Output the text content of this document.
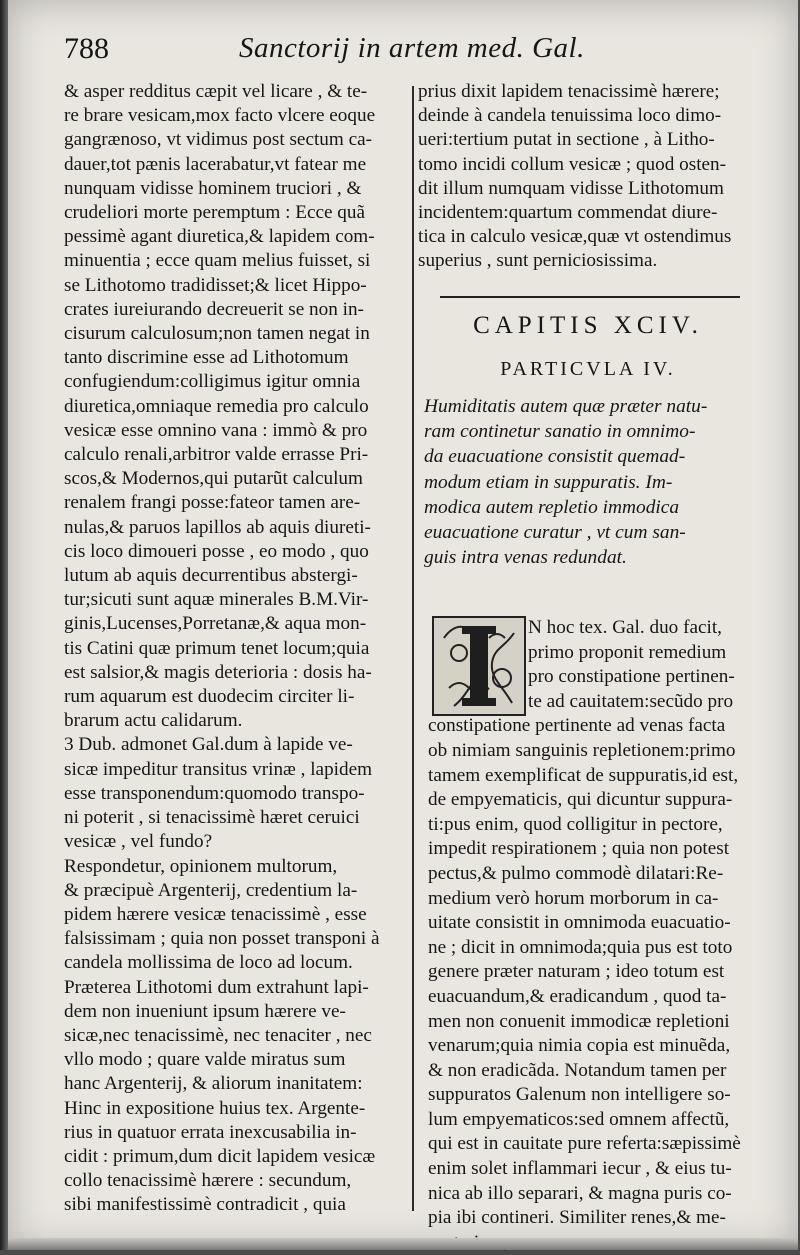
788	Sanctorij in artem med. Gal.
& asper redditus cæpit vel licare , & te-
re brare vesicam,mox facto vlcere eoque
gangrænoso, vt vidimus post sectum ca-
dauer,tot pænis lacerabatur,vt fatear me
nunquam vidisse hominem truciori , &
crudeliori morte peremptum : Ecce quã
pessimè agant diuretica,& lapidem com-
minuentia ; ecce quam melius fuisset, si
se Lithotomo tradidisset;& licet Hippo-
crates iureiurando decreuerit se non in-
cisurum calculosum;non tamen negat in
tanto discrimine esse ad Lithotomum
confugiendum:colligimus igitur omnia
diuretica,omniaque remedia pro calculo
vesicæ esse omnino vana : immò & pro
calculo renali,arbitror valde errasse Pri-
scos,& Modernos,qui putarũt calculum
renalem frangi posse:fateor tamen are-
nulas,& paruos lapillos ab aquis diureti-
cis loco dimoueri posse , eo modo , quo
lutum ab aquis decurrentibus abstergi-
tur;sicuti sunt aquæ minerales B.M.Vir-
ginis,Lucenses,Porretanæ,& aqua mon-
tis Catini quæ primum tenet locum;quia
est salsior,& magis deterioria : dosis ha-
rum aquarum est duodecim circiter li-
brarum actu calidarum.
3 Dub. admonet Gal.dum à lapide ve-
sicæ impeditur transitus vrinæ , lapidem
esse transponendum:quomodo transpo-
ni poterit , si tenacissimè hæret ceruici
vesicæ , vel fundo?
Respondetur, opinionem multorum,
& præcipuè Argenterij, credentium la-
pidem hærere vesicæ tenacissimè , esse
falsissimam ; quia non posset transponi à
candela mollissima de loco ad locum.
Præterea Lithotomi dum extrahunt lapi-
dem non inueniunt ipsum hærere ve-
sicæ,nec tenacissimè, nec tenaciter , nec
vllo modo ; quare valde miratus sum
hanc Argenterij, & aliorum inanitatem:
Hinc in expositione huius tex. Argente-
rius in quatuor errata inexcusabilia in-
cidit : primum,dum dicit lapidem vesicæ
collo tenacissimè hærere : secundum,
sibi manifestissimè contradicit , quia
prius dixit lapidem tenacissimè hærere;
deinde à candela tenuissima loco dimo-
ueri:tertium putat in sectione , à Litho-
tomo incidi collum vesicæ ; quod osten-
dit illum numquam vidisse Lithotomum
incidentem:quartum commendat diure-
tica in calculo vesicæ,quæ vt ostendimus
superius , sunt perniciosissima.
CAPITIS XCIV.
PARTICVLA IV.
Humiditatis autem quæ præter natu-
ram continetur sanatio in omnimo-
da euacuatione consistit quemad-
modum etiam in suppuratis. Im-
modica autem repletio immodica
euacuatione curatur , vt cum san-
guis intra venas redundat.
N hoc tex. Gal. duo facit,
primo proponit remedium
pro constipatione pertinen-
te ad cauitatem:secũdo pro
constipatione pertinente ad venas facta
ob nimiam sanguinis repletionem:primo
tamem exemplificat de suppuratis,id est,
de empyematicis, qui dicuntur suppura-
ti:pus enim, quod colligitur in pectore,
impedit respirationem ; quia non potest
pectus,& pulmo commodè dilatari:Re-
medium verò horum morborum in ca-
uitate consistit in omnimoda euacuatio-
ne ; dicit in omnimoda;quia pus est toto
genere præter naturam ; ideo totum est
euacuandum,& eradicandum , quod ta-
men non conuenit immodicæ repletioni
venarum;quia nimia copia est minuẽda,
& non eradicãda. Notandum tamen per
suppuratos Galenum non intelligere so-
lum empyematicos:sed omnem affectũ,
qui est in cauitate pure referta:sæpissimè
enim solet inflammari iecur , & eius tu-
nica ab illo separari, & magna puris co-
pia ibi contineri. Similiter renes,& me-
